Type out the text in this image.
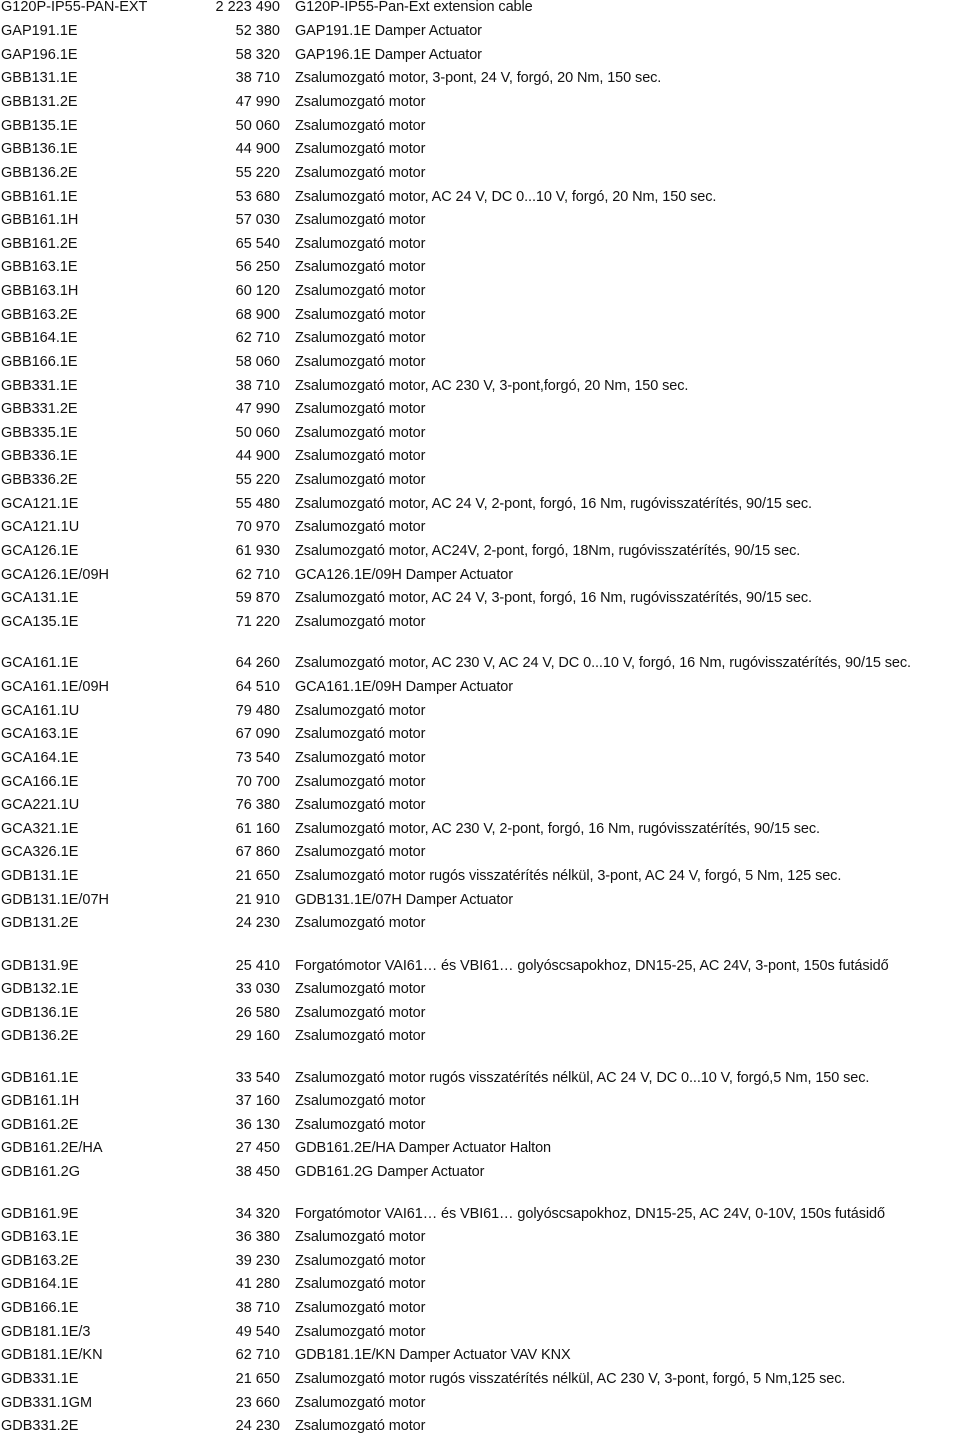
G120P-IP55-PAN-EXT	2 223 490 G120P-IP55-Pan-Ext extension cable
GAP191.1E	52 380 GAP191.1E Damper Actuator
GAP196.1E	58 320 GAP196.1E Damper Actuator
GBB131.1E	38 710 Zsalumozgató motor, 3-pont, 24 V, forgó, 20 Nm, 150 sec.
GBB131.2E	47 990 Zsalumozgató motor
GBB135.1E	50 060 Zsalumozgató motor
GBB136.1E	44 900 Zsalumozgató motor
GBB136.2E	55 220 Zsalumozgató motor
GBB161.1E	53 680 Zsalumozgató motor, AC 24 V, DC 0...10 V, forgó, 20 Nm, 150 sec.
GBB161.1H	57 030 Zsalumozgató motor
GBB161.2E	65 540 Zsalumozgató motor
GBB163.1E	56 250 Zsalumozgató motor
GBB163.1H	60 120 Zsalumozgató motor
GBB163.2E	68 900 Zsalumozgató motor
GBB164.1E	62 710 Zsalumozgató motor
GBB166.1E	58 060 Zsalumozgató motor
GBB331.1E	38 710 Zsalumozgató motor, AC 230 V, 3-pont,forgó, 20 Nm, 150 sec.
GBB331.2E	47 990 Zsalumozgató motor
GBB335.1E	50 060 Zsalumozgató motor
GBB336.1E	44 900 Zsalumozgató motor
GBB336.2E	55 220 Zsalumozgató motor
GCA121.1E	55 480 Zsalumozgató motor, AC 24 V, 2-pont, forgó, 16 Nm, rugóvisszatérítés, 90/15 sec.
GCA121.1U	70 970 Zsalumozgató motor
GCA126.1E	61 930 Zsalumozgató motor, AC24V, 2-pont, forgó, 18Nm, rugóvisszatérítés, 90/15 sec.
GCA126.1E/09H	62 710 GCA126.1E/09H Damper Actuator
GCA131.1E	59 870 Zsalumozgató motor, AC 24 V, 3-pont, forgó, 16 Nm, rugóvisszatérítés, 90/15 sec.
GCA135.1E	71 220 Zsalumozgató motor
GCA161.1E	64 260 Zsalumozgató motor, AC 230 V, AC 24 V, DC 0...10 V, forgó, 16 Nm, rugóvisszatérítés, 90/15 sec.
GCA161.1E/09H	64 510 GCA161.1E/09H Damper Actuator
GCA161.1U	79 480 Zsalumozgató motor
GCA163.1E	67 090 Zsalumozgató motor
GCA164.1E	73 540 Zsalumozgató motor
GCA166.1E	70 700 Zsalumozgató motor
GCA221.1U	76 380 Zsalumozgató motor
GCA321.1E	61 160 Zsalumozgató motor, AC 230 V, 2-pont, forgó, 16 Nm, rugóvisszatérítés, 90/15 sec.
GCA326.1E	67 860 Zsalumozgató motor
GDB131.1E	21 650 Zsalumozgató motor rugós visszatérítés nélkül, 3-pont, AC 24 V, forgó, 5 Nm, 125 sec.
GDB131.1E/07H	21 910 GDB131.1E/07H Damper Actuator
GDB131.2E	24 230 Zsalumozgató motor
GDB131.9E	25 410 Forgatómotor VAI61… és VBI61… golyóscsapokhoz, DN15-25, AC 24V, 3-pont, 150s futásidő
GDB132.1E	33 030 Zsalumozgató motor
GDB136.1E	26 580 Zsalumozgató motor
GDB136.2E	29 160 Zsalumozgató motor
GDB161.1E	33 540 Zsalumozgató motor rugós visszatérítés nélkül, AC 24 V, DC 0...10 V, forgó,5 Nm, 150 sec.
GDB161.1H	37 160 Zsalumozgató motor
GDB161.2E	36 130 Zsalumozgató motor
GDB161.2E/HA	27 450 GDB161.2E/HA Damper Actuator Halton
GDB161.2G	38 450 GDB161.2G Damper Actuator
GDB161.9E	34 320 Forgatómotor VAI61… és VBI61… golyóscsapokhoz, DN15-25, AC 24V, 0-10V, 150s futásidő
GDB163.1E	36 380 Zsalumozgató motor
GDB163.2E	39 230 Zsalumozgató motor
GDB164.1E	41 280 Zsalumozgató motor
GDB166.1E	38 710 Zsalumozgató motor
GDB181.1E/3	49 540 Zsalumozgató motor
GDB181.1E/KN	62 710 GDB181.1E/KN Damper Actuator VAV KNX
GDB331.1E	21 650 Zsalumozgató motor rugós visszatérítés nélkül, AC 230 V, 3-pont, forgó, 5 Nm,125 sec.
GDB331.1GM	23 660 Zsalumozgató motor
GDB331.2E	24 230 Zsalumozgató motor
